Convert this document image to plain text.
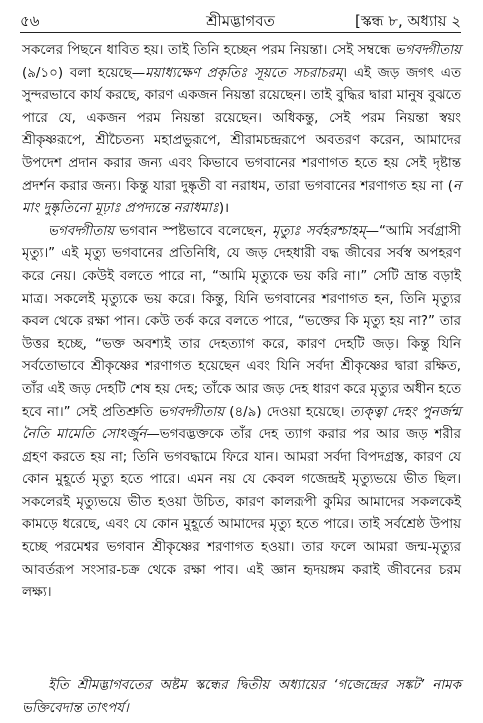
৫৬	শ্রীমদ্ভাগবত	[স্কন্ধ ৮, অধ্যায় ২

সকলের পিছনে ধাবিত হয়। তাই তিনি হচ্ছেন পরম নিয়ন্তা। সেই সম্বন্ধে ভগবদ্গীতায় (৯/১০) বলা হয়েছে—ময়াধ্যক্ষেণ প্রকৃতিঃ সূয়তে সচরাচরম্‌। এই জড় জগৎ এত সুন্দরভাবে কার্য করছে, কারণ একজন নিয়ন্তা রয়েছেন। তাই বুদ্ধির দ্বারা মানুষ বুঝতে পারে যে, একজন পরম নিয়ন্তা রয়েছেন। অধিকন্তু, সেই পরম নিয়ন্তা স্বয়ং শ্রীকৃষ্ণরূপে, শ্রীচৈতন্য মহাপ্রভুরূপে, শ্রীরামচন্দ্ররূপে অবতরণ করেন, আমাদের উপদেশ প্রদান করার জন্য এবং কিভাবে ভগবানের শরণাগত হতে হয় সেই দৃষ্টান্ত প্রদর্শন করার জন্য। কিন্তু যারা দুষ্কৃতী বা নরাধম, তারা ভগবানের শরণাগত হয় না (ন মাং দুষ্কৃতিনো মূঢ়াঃ প্রপদ্যন্তে নরাধমাঃ)।

ভগবদ্গীতায় ভগবান স্পষ্টভাবে বলেছেন, মৃত্যুঃ সর্বহরশ্চাহম্‌—“আমি সর্বগ্রাসী মৃত্যু।” এই মৃত্যু ভগবানের প্রতিনিধি, যে জড় দেহধারী বদ্ধ জীবের সর্বস্ব অপহরণ করে নেয়। কেউই বলতে পারে না, “আমি মৃত্যুকে ভয় করি না।” সেটি ভ্রান্ত বড়াই মাত্র। সকলেই মৃত্যুকে ভয় করে। কিন্তু, যিনি ভগবানের শরণাগত হন, তিনি মৃত্যুর কবল থেকে রক্ষা পান। কেউ তর্ক করে বলতে পারে, “ভক্তের কি মৃত্যু হয় না?” তার উত্তর হচ্ছে, “ভক্ত অবশ্যই তার দেহত্যাগ করে, কারণ দেহটি জড়। কিন্তু যিনি সর্বতোভাবে শ্রীকৃষ্ণের শরণাগত হয়েছেন এবং যিনি সর্বদা শ্রীকৃষ্ণের দ্বারা রক্ষিত, তাঁর এই জড় দেহটি শেষ হয় দেহ; তাঁকে আর জড় দেহ ধারণ করে মৃত্যুর অধীন হতে হবে না।” সেই প্রতিশ্রুতি ভগবদ্গীতায় (৪/৯) দেওয়া হয়েছে। ত্যক্ত্বা দেহং পুনর্জন্ম নৈতি মামেতি সোঽর্জুন—ভগবদ্ভক্তকে তাঁর দেহ ত্যাগ করার পর আর জড় শরীর গ্রহণ করতে হয় না; তিনি ভগবদ্ধামে ফিরে যান। আমরা সর্বদা বিপদগ্রস্ত, কারণ যে কোন মুহূর্তে মৃত্যু হতে পারে। এমন নয় যে কেবল গজেন্দ্রই মৃত্যুভয়ে ভীত ছিল। সকলেরই মৃত্যুভয়ে ভীত হওয়া উচিত, কারণ কালরূপী কুমির আমাদের সকলকেই কামড়ে ধরেছে, এবং যে কোন মুহূর্তে আমাদের মৃত্যু হতে পারে। তাই সর্বশ্রেষ্ঠ উপায় হচ্ছে পরমেশ্বর ভগবান শ্রীকৃষ্ণের শরণাগত হওয়া। তার ফলে আমরা জন্ম-মৃত্যুর আবর্তরূপ সংসার-চক্র থেকে রক্ষা পাব। এই জ্ঞান হৃদয়ঙ্গম করাই জীবনের চরম লক্ষ্য।

ইতি শ্রীমদ্ভাগবতের অষ্টম স্কন্ধের দ্বিতীয় অধ্যায়ের ‘গজেন্দ্রের সঙ্কট’ নামক ভক্তিবেদান্ত তাৎপর্য।
